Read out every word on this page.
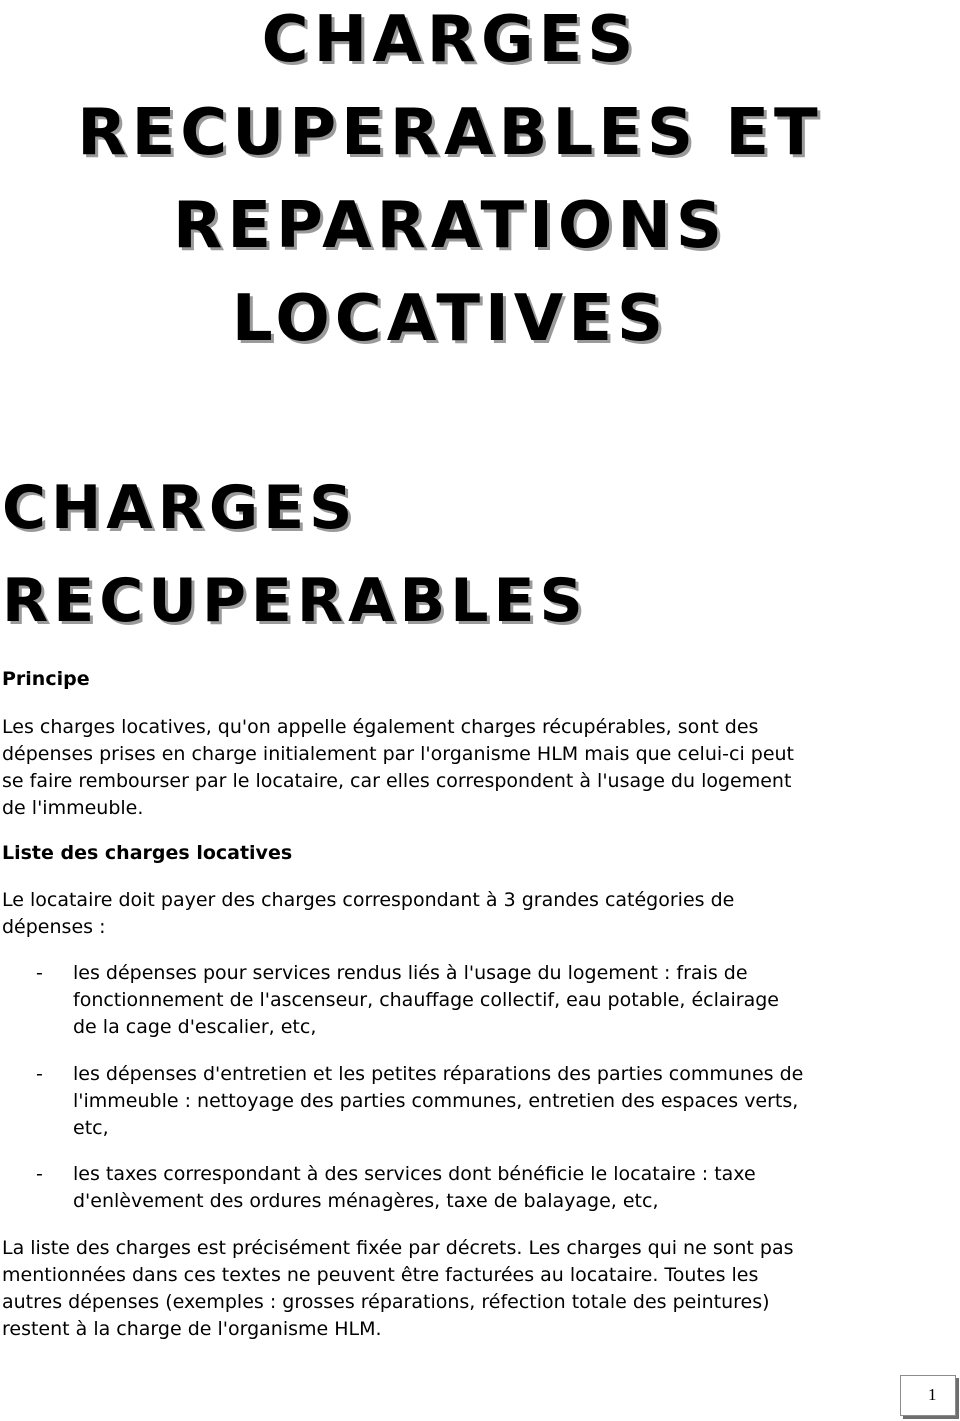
CHARGES
RECUPERABLES ET
REPARATIONS
LOCATIVES
CHARGES
RECUPERABLES
Principe

Les charges locatives, qu'on appelle également charges récupérables, sont des
dépenses prises en charge initialement par l'organisme HLM mais que celui-ci peut
se faire rembourser par le locataire, car elles correspondent à l'usage du logement
de l'immeuble.

Liste des charges locatives

Le locataire doit payer des charges correspondant à 3 grandes catégories de
dépenses :

- les dépenses pour services rendus liés à l'usage du logement : frais de
fonctionnement de l'ascenseur, chauffage collectif, eau potable, éclairage
de la cage d'escalier, etc,
- les dépenses d'entretien et les petites réparations des parties communes de
l'immeuble : nettoyage des parties communes, entretien des espaces verts,
etc,
- les taxes correspondant à des services dont bénéficie le locataire : taxe
d'enlèvement des ordures ménagères, taxe de balayage, etc,

La liste des charges est précisément fixée par décrets. Les charges qui ne sont pas
mentionnées dans ces textes ne peuvent être facturées au locataire. Toutes les
autres dépenses (exemples : grosses réparations, réfection totale des peintures)
restent à la charge de l'organisme HLM.

1
